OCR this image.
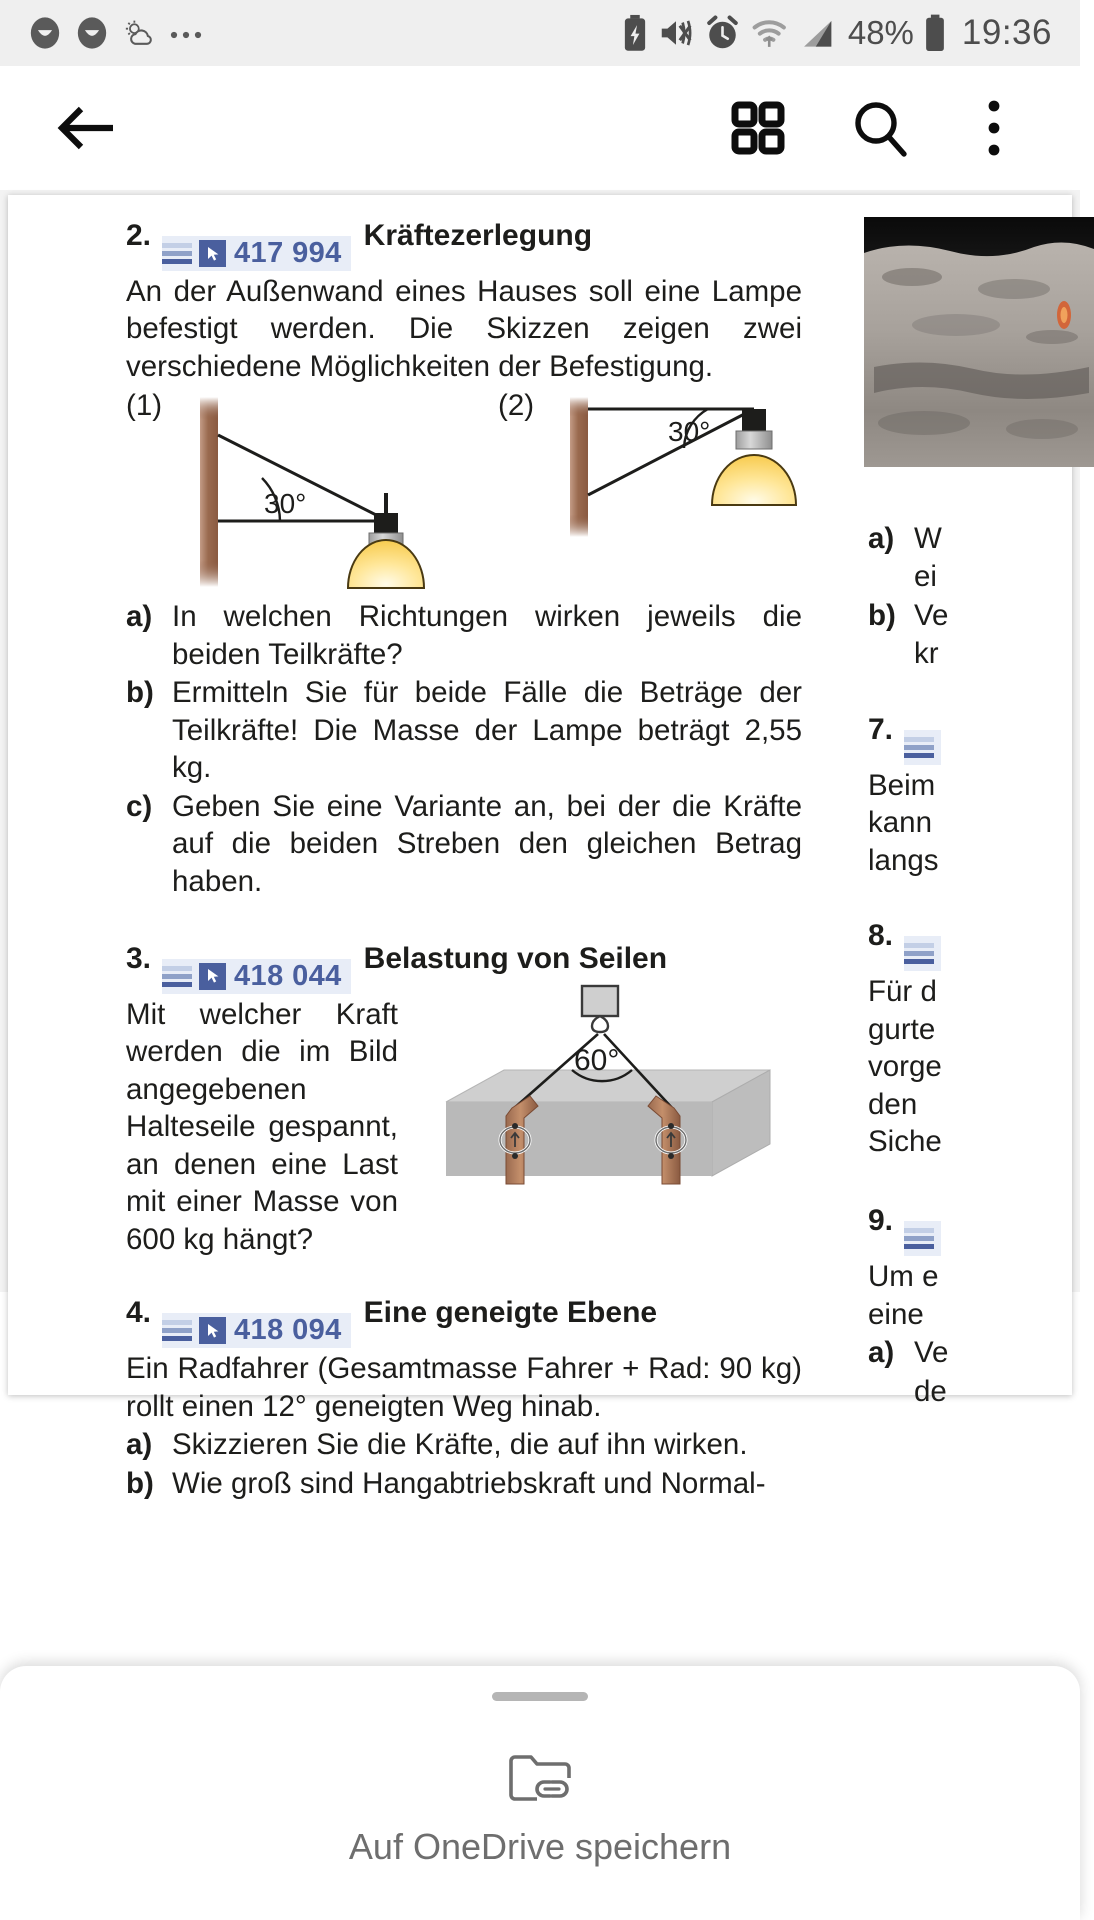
48% 19:36
2.
417 994
Kräftezerlegung
An der Außenwand eines Hauses soll eine Lampe befestigt werden. Die Skizzen zeigen zwei verschiedene Möglichkeiten der Befestigung.
(1)	(2)
30°
30°
a) In welchen Richtungen wirken jeweils die beiden Teilkräfte?
b) Ermitteln Sie für beide Fälle die Beträge der Teilkräfte! Die Masse der Lampe beträgt 2,55 kg.
c) Geben Sie eine Variante an, bei der die Kräfte auf die beiden Streben den gleichen Betrag haben.
3.
418 044
Belastung von Seilen
Mit welcher Kraft werden die im Bild angegebenen Halteseile gespannt, an denen eine Last mit einer Masse von 600 kg hängt?
60°
4.
418 094
Eine geneigte Ebene
Ein Radfahrer (Gesamtmasse Fahrer + Rad: 90 kg) rollt einen 12° geneigten Weg hinab.
a) Skizzieren Sie die Kräfte, die auf ihn wirken.
b) Wie groß sind Hangabtriebskraft und Normal-
a) W
ei
b) Ve
kr
7.
Beim
kann
langs
8.
Für d
gurte
vorge
den
Siche
9.
Um e
eine
a) Ve
de
Auf OneDrive speichern
